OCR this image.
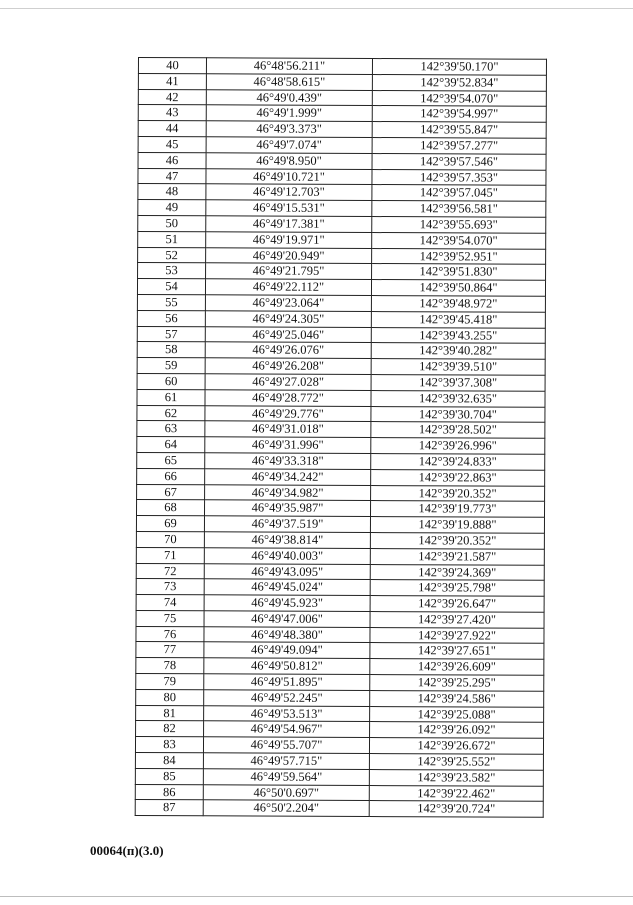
40	46°48'56.211"	142°39'50.170"
41	46°48'58.615"	142°39'52.834"
42	46°49'0.439"	142°39'54.070"
43	46°49'1.999"	142°39'54.997"
44	46°49'3.373"	142°39'55.847"
45	46°49'7.074"	142°39'57.277"
46	46°49'8.950"	142°39'57.546"
47	46°49'10.721"	142°39'57.353"
48	46°49'12.703"	142°39'57.045"
49	46°49'15.531"	142°39'56.581"
50	46°49'17.381"	142°39'55.693"
51	46°49'19.971"	142°39'54.070"
52	46°49'20.949"	142°39'52.951"
53	46°49'21.795"	142°39'51.830"
54	46°49'22.112"	142°39'50.864"
55	46°49'23.064"	142°39'48.972"
56	46°49'24.305"	142°39'45.418"
57	46°49'25.046"	142°39'43.255"
58	46°49'26.076"	142°39'40.282"
59	46°49'26.208"	142°39'39.510"
60	46°49'27.028"	142°39'37.308"
61	46°49'28.772"	142°39'32.635"
62	46°49'29.776"	142°39'30.704"
63	46°49'31.018"	142°39'28.502"
64	46°49'31.996"	142°39'26.996"
65	46°49'33.318"	142°39'24.833"
66	46°49'34.242"	142°39'22.863"
67	46°49'34.982"	142°39'20.352"
68	46°49'35.987"	142°39'19.773"
69	46°49'37.519"	142°39'19.888"
70	46°49'38.814"	142°39'20.352"
71	46°49'40.003"	142°39'21.587"
72	46°49'43.095"	142°39'24.369"
73	46°49'45.024"	142°39'25.798"
74	46°49'45.923"	142°39'26.647"
75	46°49'47.006"	142°39'27.420"
76	46°49'48.380"	142°39'27.922"
77	46°49'49.094"	142°39'27.651"
78	46°49'50.812"	142°39'26.609"
79	46°49'51.895"	142°39'25.295"
80	46°49'52.245"	142°39'24.586"
81	46°49'53.513"	142°39'25.088"
82	46°49'54.967"	142°39'26.092"
83	46°49'55.707"	142°39'26.672"
84	46°49'57.715"	142°39'25.552"
85	46°49'59.564"	142°39'23.582"
86	46°50'0.697"	142°39'22.462"
87	46°50'2.204"	142°39'20.724"
00064(п)(3.0)
